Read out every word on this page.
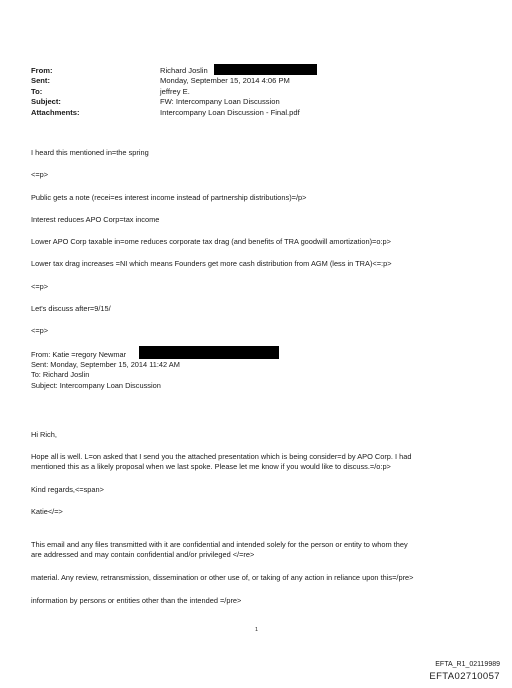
From:	Richard Joslin
Sent:	Monday, September 15, 2014 4:06 PM
To:	jeffrey E.
Subject:	FW: Intercompany Loan Discussion
Attachments:	Intercompany Loan Discussion - Final.pdf
I heard this mentioned in=the spring
<=p>
Public gets a note (recei=es interest income instead of partnership distributions)=/p>
Interest reduces APO Corp=tax income
Lower APO Corp taxable in=ome reduces corporate tax drag (and benefits of TRA goodwill amortization)=o:p>
Lower tax drag increases =NI which means Founders get more cash distribution from AGM (less in TRA)<=:p>
<=p>
Let's discuss after=9/15/
<=p>
From: Katie =regory Newmar
Sent: Monday, September 15, 2014 11:42 AM
To: Richard Joslin
Subject: Intercompany Loan Discussion
Hi Rich,
Hope all is well. L=on asked that I send you the attached presentation which is being consider=d by APO Corp. I had
mentioned this as a likely proposal when we last spoke. Please let me know if you would like to discuss.=/o:p>
Kind regards,<=span>
Katie</=>
This email and any files transmitted with it are confidential and intended solely for the person or entity to whom they
are addressed and may contain confidential and/or privileged </=re>
material. Any review, retransmission, dissemination or other use of, or taking of any action in reliance upon this=/pre>
information by persons or entities other than the intended =/pre>
1
EFTA_R1_02119989
EFTA02710057
